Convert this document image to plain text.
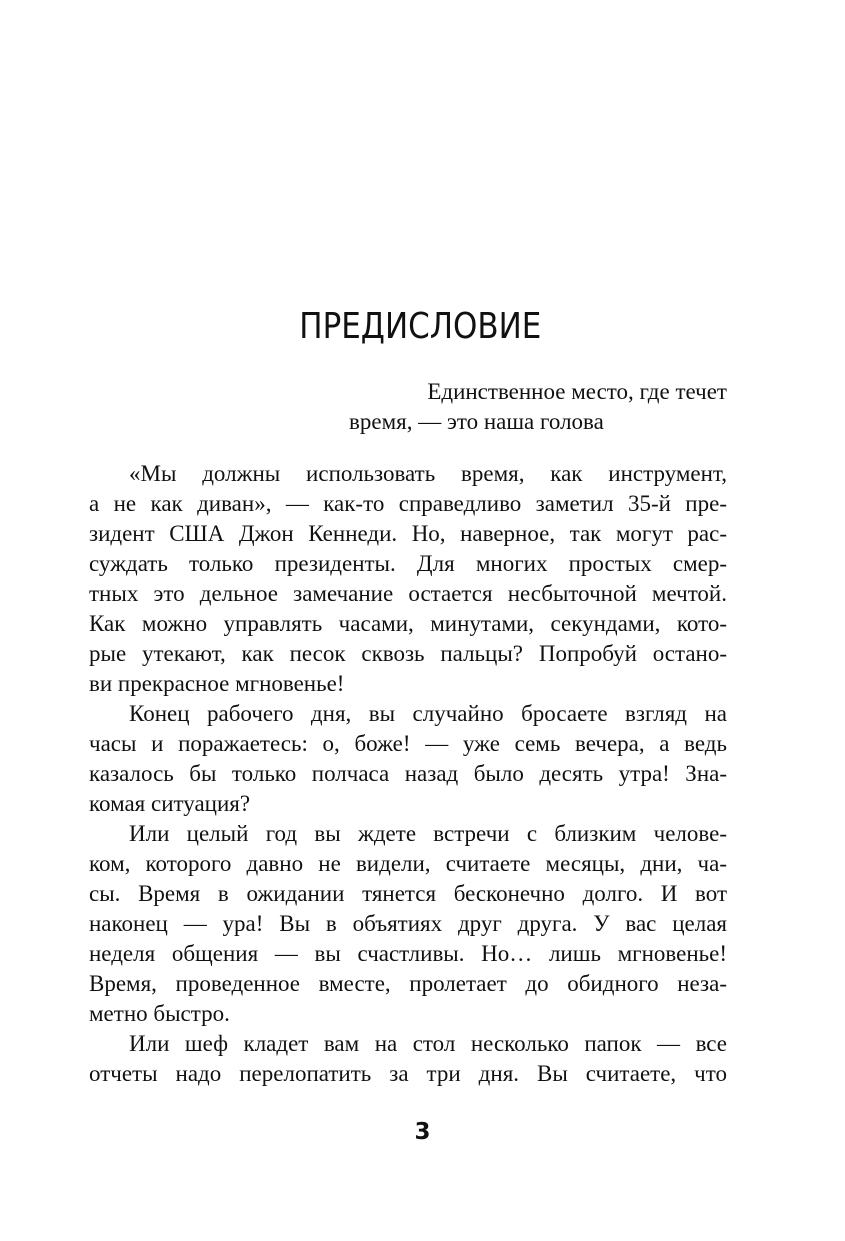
ПРЕДИСЛОВИЕ
Единственное место, где течет
время, — это наша голова
«Мы должны использовать время, как инструмент,
а не как диван», — как-то справедливо заметил 35-й пре-
зидент США Джон Кеннеди. Но, наверное, так могут рас-
суждать только президенты. Для многих простых смер-
тных это дельное замечание остается несбыточной мечтой.
Как можно управлять часами, минутами, секундами, кото-
рые утекают, как песок сквозь пальцы? Попробуй остано-
ви прекрасное мгновенье!
Конец рабочего дня, вы случайно бросаете взгляд на
часы и поражаетесь: о, боже! — уже семь вечера, а ведь
казалось бы только полчаса назад было десять утра! Зна-
комая ситуация?
Или целый год вы ждете встречи с близким челове-
ком, которого давно не видели, считаете месяцы, дни, ча-
сы. Время в ожидании тянется бесконечно долго. И вот
наконец — ура! Вы в объятиях друг друга. У вас целая
неделя общения — вы счастливы. Но… лишь мгновенье!
Время, проведенное вместе, пролетает до обидного неза-
метно быстро.
Или шеф кладет вам на стол несколько папок — все
отчеты надо перелопатить за три дня. Вы считаете, что
3
